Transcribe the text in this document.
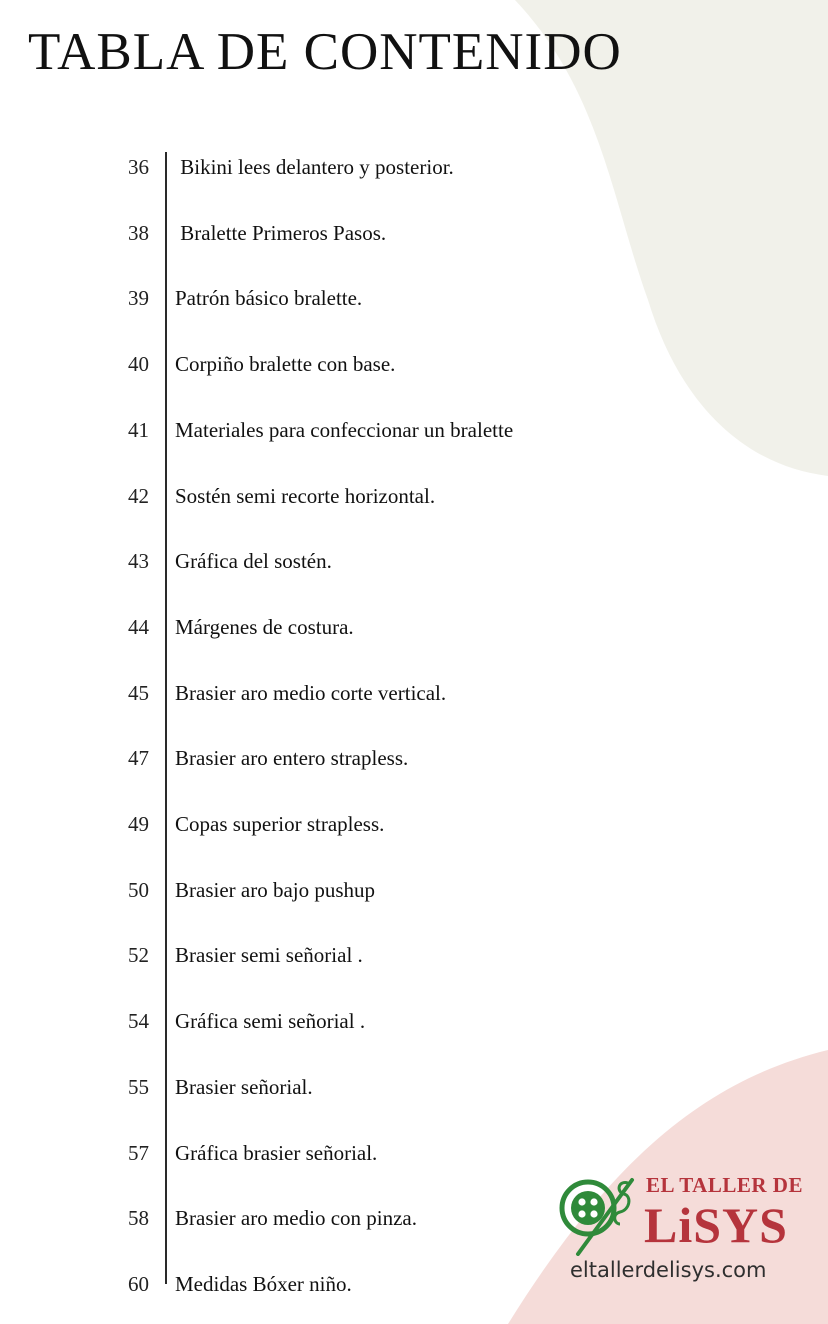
TABLA DE CONTENIDO
36 Bikini lees delantero y posterior.
38 Bralette Primeros Pasos.
39 Patrón básico bralette.
40 Corpiño bralette con base.
41 Materiales para confeccionar un bralette
42 Sostén semi recorte horizontal.
43 Gráfica del sostén.
44 Márgenes de costura.
45 Brasier aro medio corte vertical.
47 Brasier aro entero strapless.
49 Copas superior strapless.
50 Brasier aro bajo pushup
52 Brasier semi señorial .
54 Gráfica semi señorial .
55 Brasier señorial.
57 Gráfica brasier señorial.
58 Brasier aro medio con pinza.
60 Medidas Bóxer niño.
EL TALLER DE
LiSYS
eltallerdelisys.com
